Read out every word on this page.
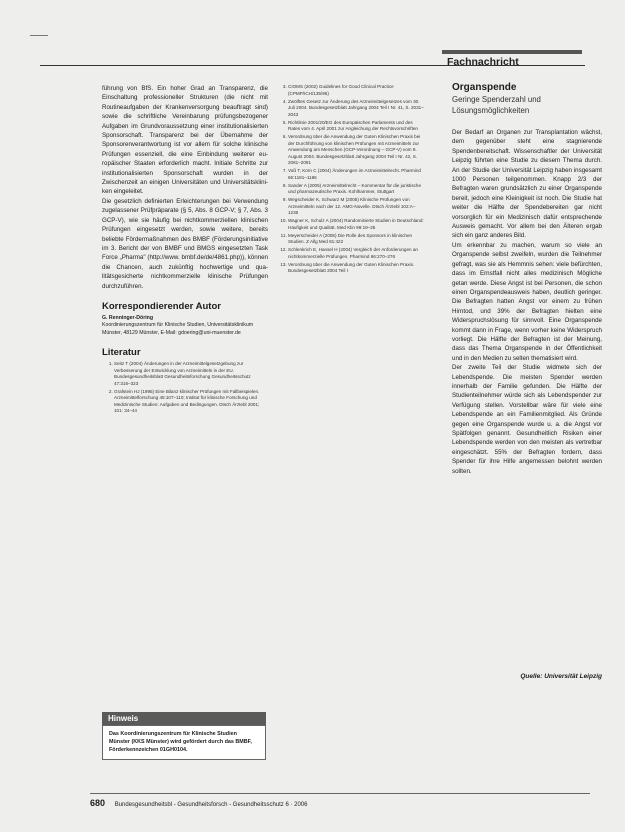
Fachnachricht

führung von BfS. Ein hoher Grad an Transparenz, die Einschaltung professioneller Strukturen (die nicht mit Routineaufgaben der Krankenversorgung beauftragt sind) sowie die schriftliche Vereinbarung prüfungsbezogener Aufgaben im Grundvoraussetzung einer institutionalisierten Sponsorschaft. Transparenz bei der Übernahme der Sponsorenverantwortung ist vor allem für solche klinische Prüfungen essenziell, die eine Einbindung weiterer europäischer Staaten erforderlich macht. Initiale Schritte zur institutionalisierten Sponsorschaft wurden in der Zwischenzeit an einigen Universitäten und Universitätskliniken eingeleitet.
Die gesetzlich definierten Erleichterungen bei Verwendung zugelassener Prüfpräparate (§ 5, Abs. 8 GCP-V; § 7, Abs. 3 GCP-V), wie sie häufig bei nichtkommerziellen klinischen Prüfungen eingesetzt werden, sowie weitere, bereits beliebte Fördermaßnahmen des BMBF (Förderungsinitiative im 3. Bericht der von BMBF und BMGS eingesetzten Task Force „Pharma" (http://www. bmbf.de/de/4861.php)), können die Chancen, auch zukünftig hochwertige und qualitätsgesicherte nichtkommerzielle klinische Prüfungen durchzuführen.

Korrespondierender Autor

G. Renninger-Döring

Koordinierungszentrum für Klinische Studien, Universitätsklinikum Münster, 48129 Münster, E-Mail: gdoering@uni-muenster.de

Literatur
1. Seitz T (2004) Änderungen in der Arzneimittelgesetzgebung zur Verbesserung der Entwicklung von Arzneimitteln in der EU. Bundesgesundheitsblatt Gesundheitsforschung Gesundheitsschutz 47:316–323
2. Grafstein HJ (1995) Eine Bilanz klinischer Prüfungen mit Fallbeispielen. Arzneimittelforschung 45:107–110; Institut für klinische Forschung und Medizinische Studien: Aufgaben und Bedingungen. Dtsch Ärztebl 2001; 101: 34–44
Hinweis
Das Koordinierungszentrum für Klinische Studien Münster (KKS Münster) wird gefördert durch das BMBF, Förderkennzeichen 01GH0104.
3. CIOMS (2002) Guidelines for Good Clinical Practice (CPMP/ICH/135/95)
4. Zwölftes Gesetz zur Änderung des Arzneimittelgesetzes vom 30. Juli 2004. Bundesgesetzblatt Jahrgang 2004 Teil I Nr. 41, S. 2031–2043
5. Richtlinie 2001/20/EG des Europäischen Parlaments und des Rates vom 4. April 2001 zur Angleichung der Rechtsvorschriften
6. Verordnung über die Anwendung der Guten Klinischen Praxis bei der Durchführung von klinischen Prüfungen mit Arzneimitteln zur Anwendung am Menschen (GCP-Verordnung – GCP-V) vom 9. August 2004. Bundesgesetzblatt Jahrgang 2004 Teil I Nr. 42, S. 2081–2091
7. Voß T, Korn C (2004) Änderungen im Arzneimittelrecht. Pharmind 66:1181–1186
8. Sander A (2005) Arzneimittelrecht – Kommentar für die juristische und pharmazeutische Praxis. Kohlhammer, Stuttgart
9. Wegscheider K, Schwarz M (2005) Klinische Prüfungen von Arzneimitteln nach der 12. AMG-Novelle. Dtsch Ärztebl 102:A–1236
10. Wagner K, Schulz A (2004) Randomisierte Studien in Deutschland: Häufigkeit und Qualität. Med Klin 99:19–25
11. Meyerscheider A (2005) Die Rolle des Sponsors in klinischen Studien. Z Allg Med 81:422
12. Schlenkrich E, Hansel H (2004) Vergleich der Anforderungen an nichtkommerzielle Prüfungen. Pharmind 66:270–276
13. Verordnung über die Anwendung der Guten Klinischen Praxis. Bundesgesetzblatt 2004 Teil I
Organspende
Geringe Spenderzahl und Lösungsmöglichkeiten

Der Bedarf an Organen zur Transplantation wächst, dem gegenüber steht eine stagnierende Spendenbereitschaft. Wissenschaftler der Universität Leipzig führten eine Studie zu diesem Thema durch. An der Studie der Universität Leipzig haben insgesamt 1000 Personen teilgenommen. Knapp 2/3 der Befragten waren grundsätzlich zu einer Organspende bereit, jedoch eine Kleinigkeit ist noch. Die Studie hat weiter die Hälfte der Spendebereiten gar nicht vorsorglich für ein Medizinisch dafür entsprechende Ausweis gemacht. Vor allem bei den Älteren ergab sich ein ganz anderes Bild.
Um erkennbar zu machen, warum so viele an Organspende selbst zweifeln, wurden die Teilnehmer gefragt, was sie als Hemmnis sehen: viele befürchten, dass im Ernstfall nicht alles medizinisch Mögliche getan werde. Diese Angst ist bei Personen, die schon einen Organspendeausweis haben, deutlich geringer. Die Befragten hatten Angst vor einem zu frühen Hirntod, und 39% der Befragten hielten eine Widerspruchslösung für sinnvoll. Eine Organspende kommt dann in Frage, wenn vorher keine Widerspruch vorliegt. Die Hälfte der Befragten ist der Meinung, dass das Thema Organspende in der Öffentlichkeit und in den Medien zu selten thematisiert wird.
Der zweite Teil der Studie widmete sich der Lebendspende. Die meisten Spender werden innerhalb der Familie gefunden. Die Hälfte der Studienteilnehmer würde sich als Lebendspender zur Verfügung stellen. Vorstellbar wäre für viele eine Lebendspende an ein Familienmitglied. Als Gründe gegen eine Organspende wurde u. a. die Angst vor Spätfolgen genannt. Gesundheitlich Risiken einer Lebendspende werden von den meisten als vertretbar eingeschätzt. 55% der Befragten fordern, dass Spender für ihre Hilfe angemessen belohnt werden sollten.

Quelle: Universität Leipzig
680 Bundesgesundheitsbl - Gesundheitsforsch - Gesundheitsschutz 6 · 2006
